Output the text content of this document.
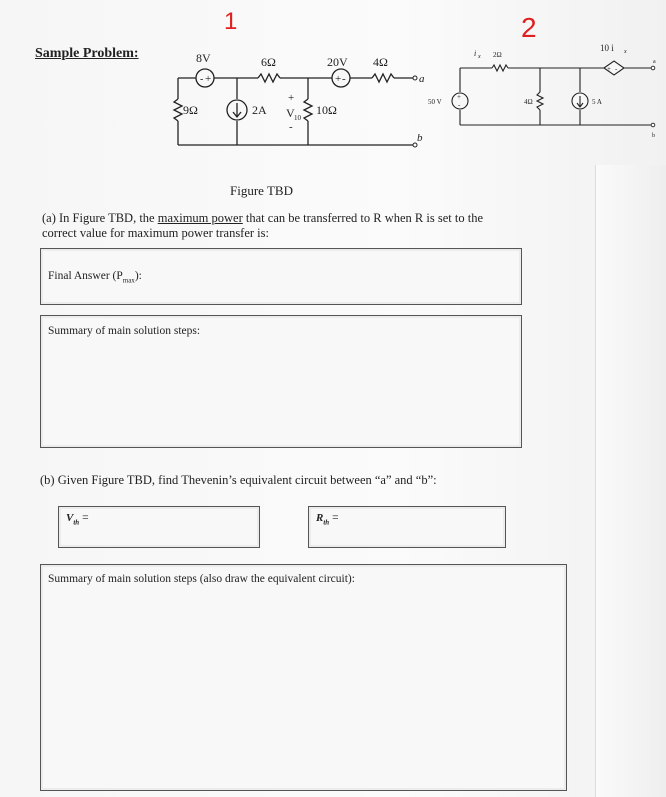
Sample Problem:

1	2
- +
8V	6Ω
+ -
20V 4Ω
a
b
9Ω	2A
+
V 10
-
10Ω
i x 2Ω
+
-
50 V	4Ω	5 A
+ -
10 i x
a
b
Figure TBD
(a) In Figure TBD, the maximum power that can be transferred to R when R is set to the correct value for maximum power transfer is:
Final Answer $(P_{max})$:
Summary of main solution steps:
(b) Given Figure TBD, find Thevenin’s equivalent circuit between “a” and “b”:
$V_{th}$ =	$R_{th}$ =
Summary of main solution steps (also draw the equivalent circuit):
